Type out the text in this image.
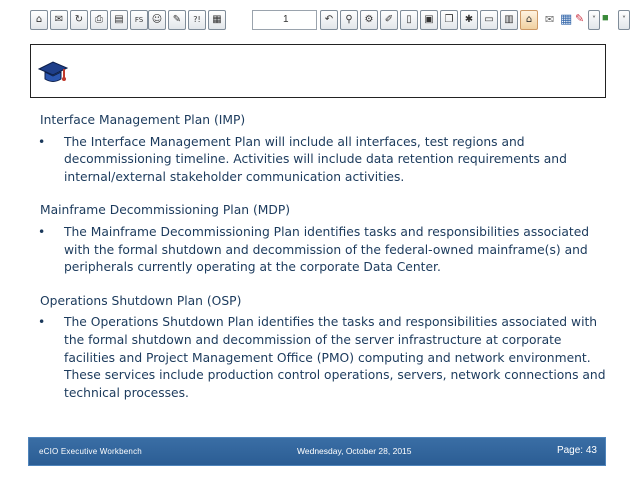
⌂	✉	↻	⎙	▤	FS ☺	✎	?!	▦	1	↶	⚲	⚙	✐	▯	▣	❐	✱	▭	▥	⌂	✉ ▦ ✎ ˅ ■	˅
Interface Management Plan (IMP)
• The Interface Management Plan will include all interfaces, test regions and decommissioning timeline. Activities will include data retention requirements and internal/external stakeholder communication activities.
Mainframe Decommissioning Plan (MDP)
• The Mainframe Decommissioning Plan identifies tasks and responsibilities associated with the formal shutdown and decommission of the federal-owned mainframe(s) and peripherals currently operating at the corporate Data Center.
Operations Shutdown Plan (OSP)
• The Operations Shutdown Plan identifies the tasks and responsibilities associated with the formal shutdown and decommission of the server infrastructure at corporate facilities and Project Management Office (PMO) computing and network environment. These services include production control operations, servers, network connections and technical processes.
eCIO Executive Workbench	Wednesday, October 28, 2015	Page: 43
